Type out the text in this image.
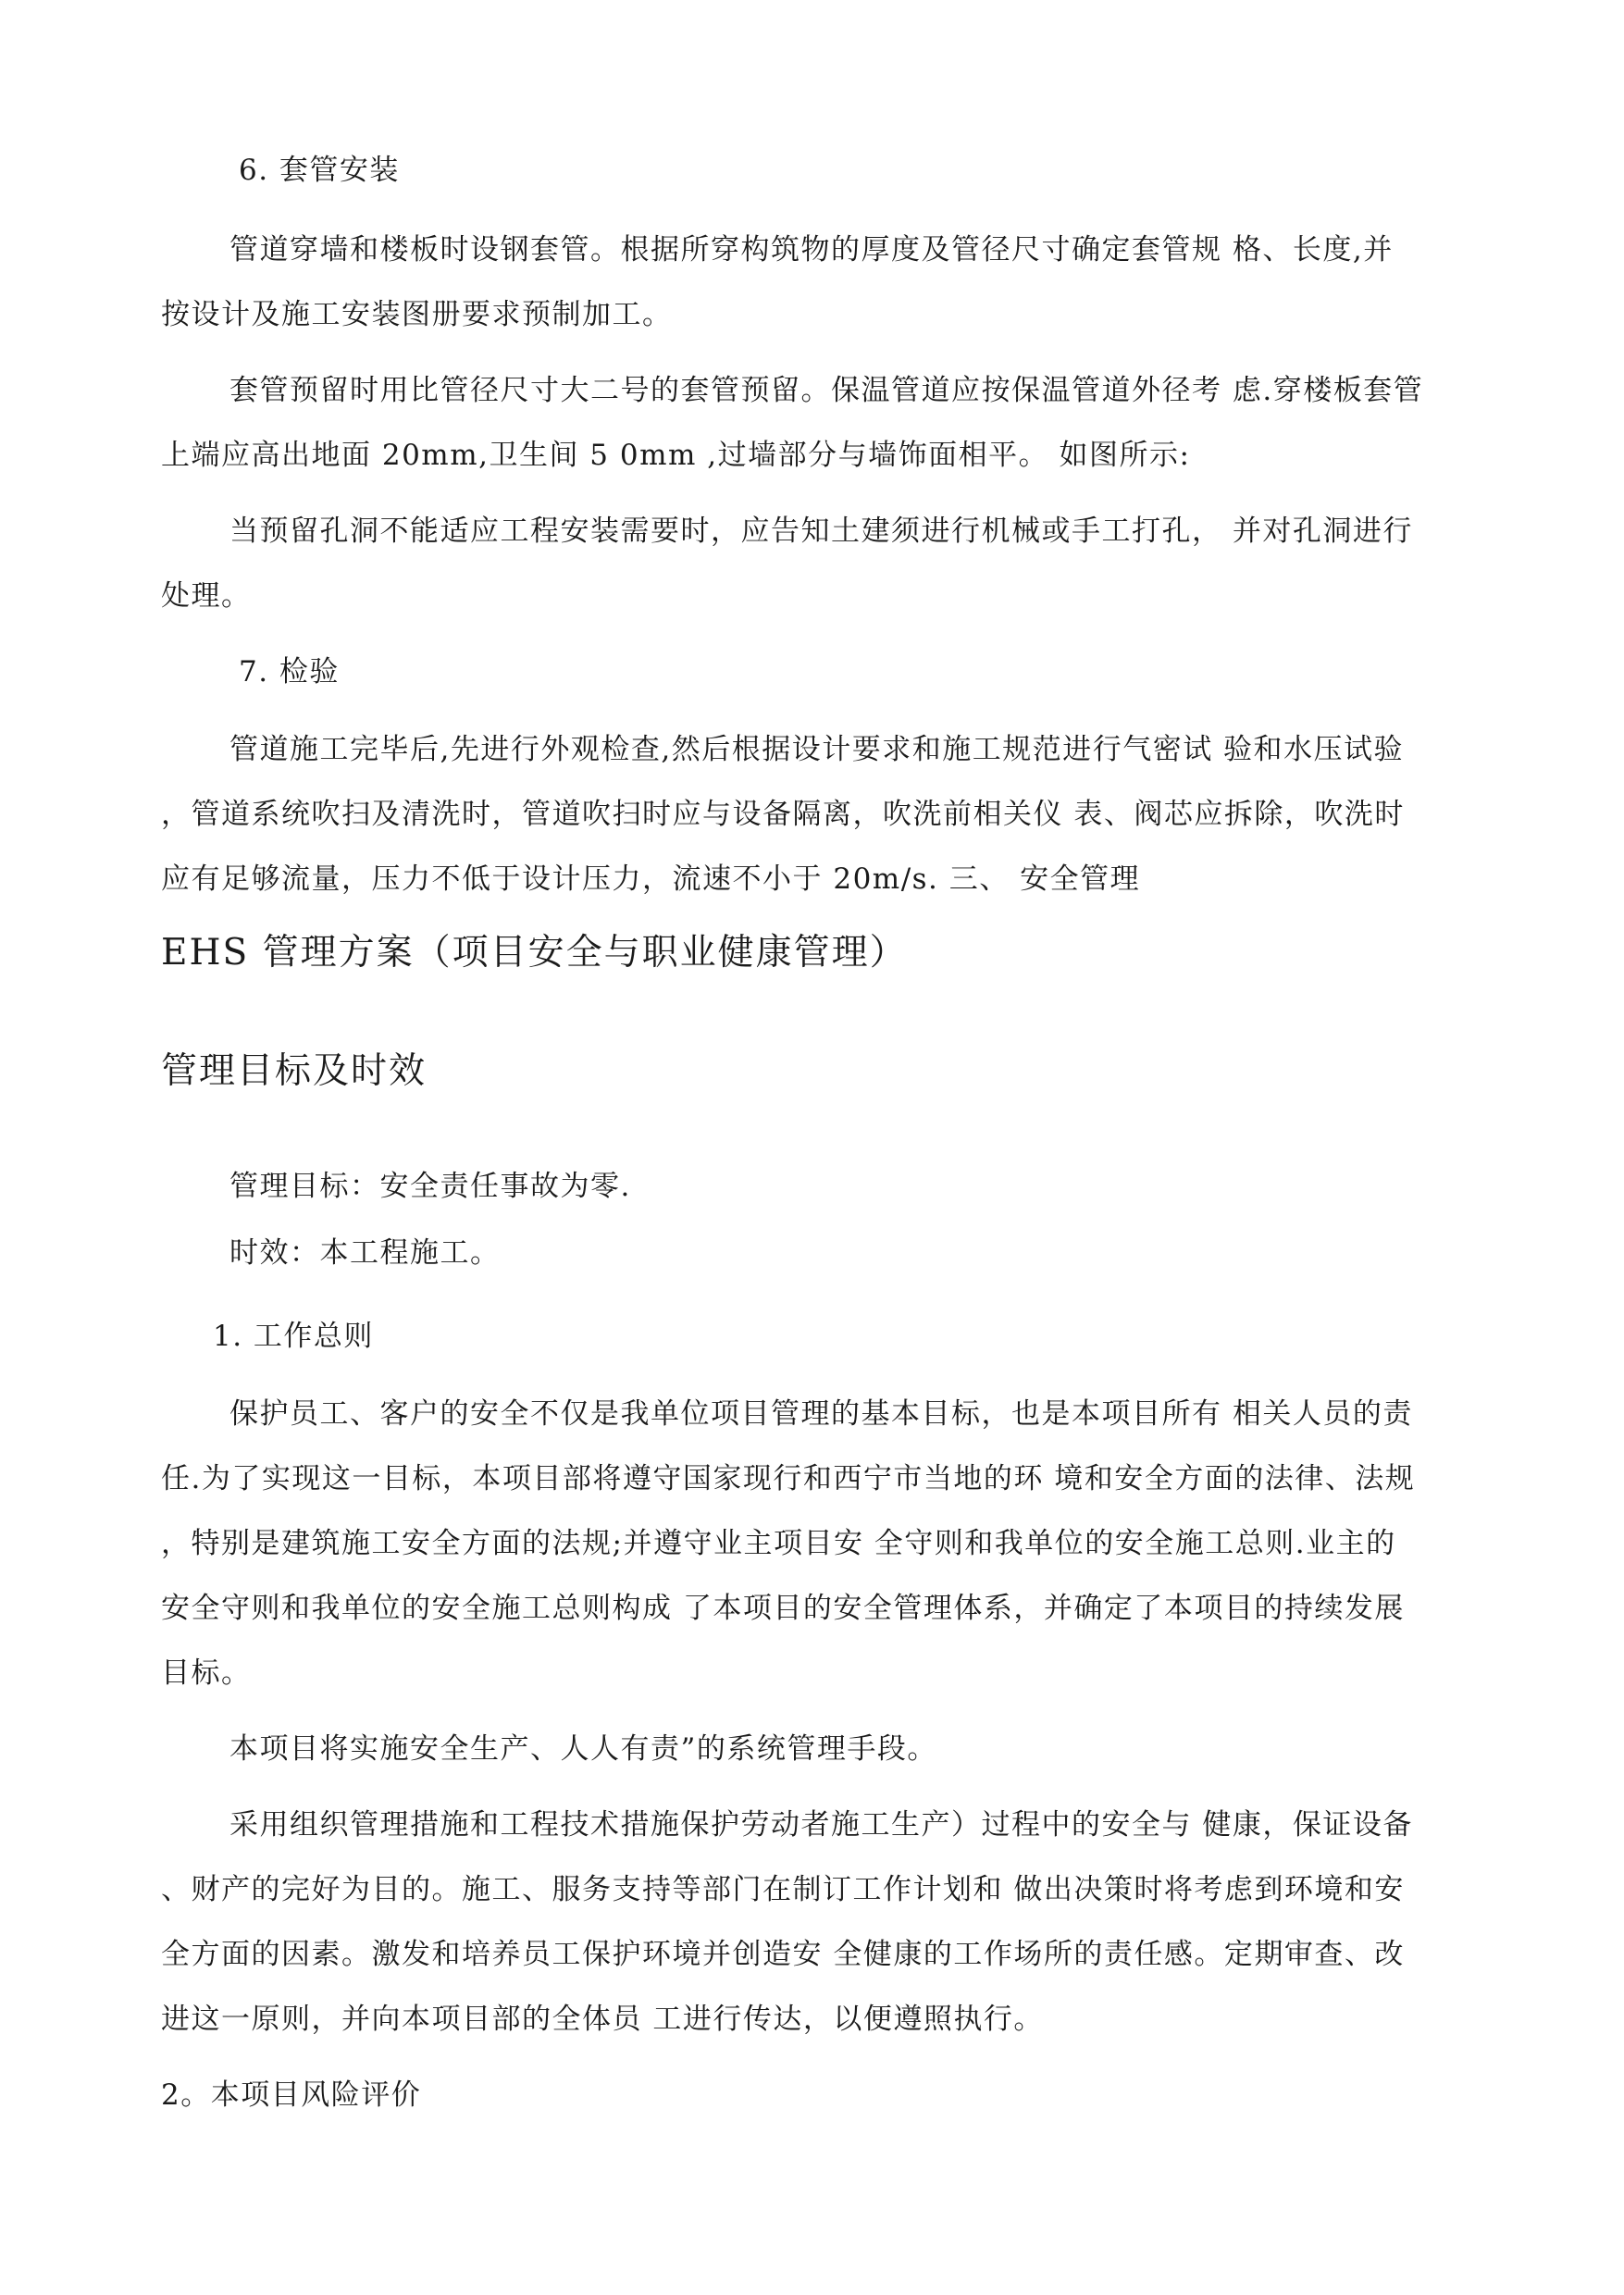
6. 套管安装
管道穿墙和楼板时设钢套管。根据所穿构筑物的厚度及管径尺寸确定套管规 格、长度,并
按设计及施工安装图册要求预制加工。
套管预留时用比管径尺寸大二号的套管预留。保温管道应按保温管道外径考 虑.穿楼板套管
上端应高出地面 20mm,卫生间 5 0mm ,过墙部分与墙饰面相平。 如图所示:
当预留孔洞不能适应工程安装需要时，应告知土建须进行机械或手工打孔， 并对孔洞进行
处理。
7. 检验
管道施工完毕后,先进行外观检查,然后根据设计要求和施工规范进行气密试 验和水压试验
，管道系统吹扫及清洗时，管道吹扫时应与设备隔离，吹洗前相关仪 表、阀芯应拆除，吹洗时
应有足够流量，压力不低于设计压力，流速不小于 20m/s. 三、 安全管理
EHS 管理方案（项目安全与职业健康管理）
管理目标及时效
管理目标：安全责任事故为零.
时效：本工程施工。
1. 工作总则
保护员工、客户的安全不仅是我单位项目管理的基本目标，也是本项目所有 相关人员的责
任.为了实现这一目标，本项目部将遵守国家现行和西宁市当地的环 境和安全方面的法律、法规
，特别是建筑施工安全方面的法规;并遵守业主项目安 全守则和我单位的安全施工总则.业主的
安全守则和我单位的安全施工总则构成 了本项目的安全管理体系，并确定了本项目的持续发展
目标。
本项目将实施安全生产、人人有责”的系统管理手段。
采用组织管理措施和工程技术措施保护劳动者施工生产）过程中的安全与 健康，保证设备
、财产的完好为目的。施工、服务支持等部门在制订工作计划和 做出决策时将考虑到环境和安
全方面的因素。激发和培养员工保护环境并创造安 全健康的工作场所的责任感。定期审查、改
进这一原则，并向本项目部的全体员 工进行传达，以便遵照执行。
2。本项目风险评价
